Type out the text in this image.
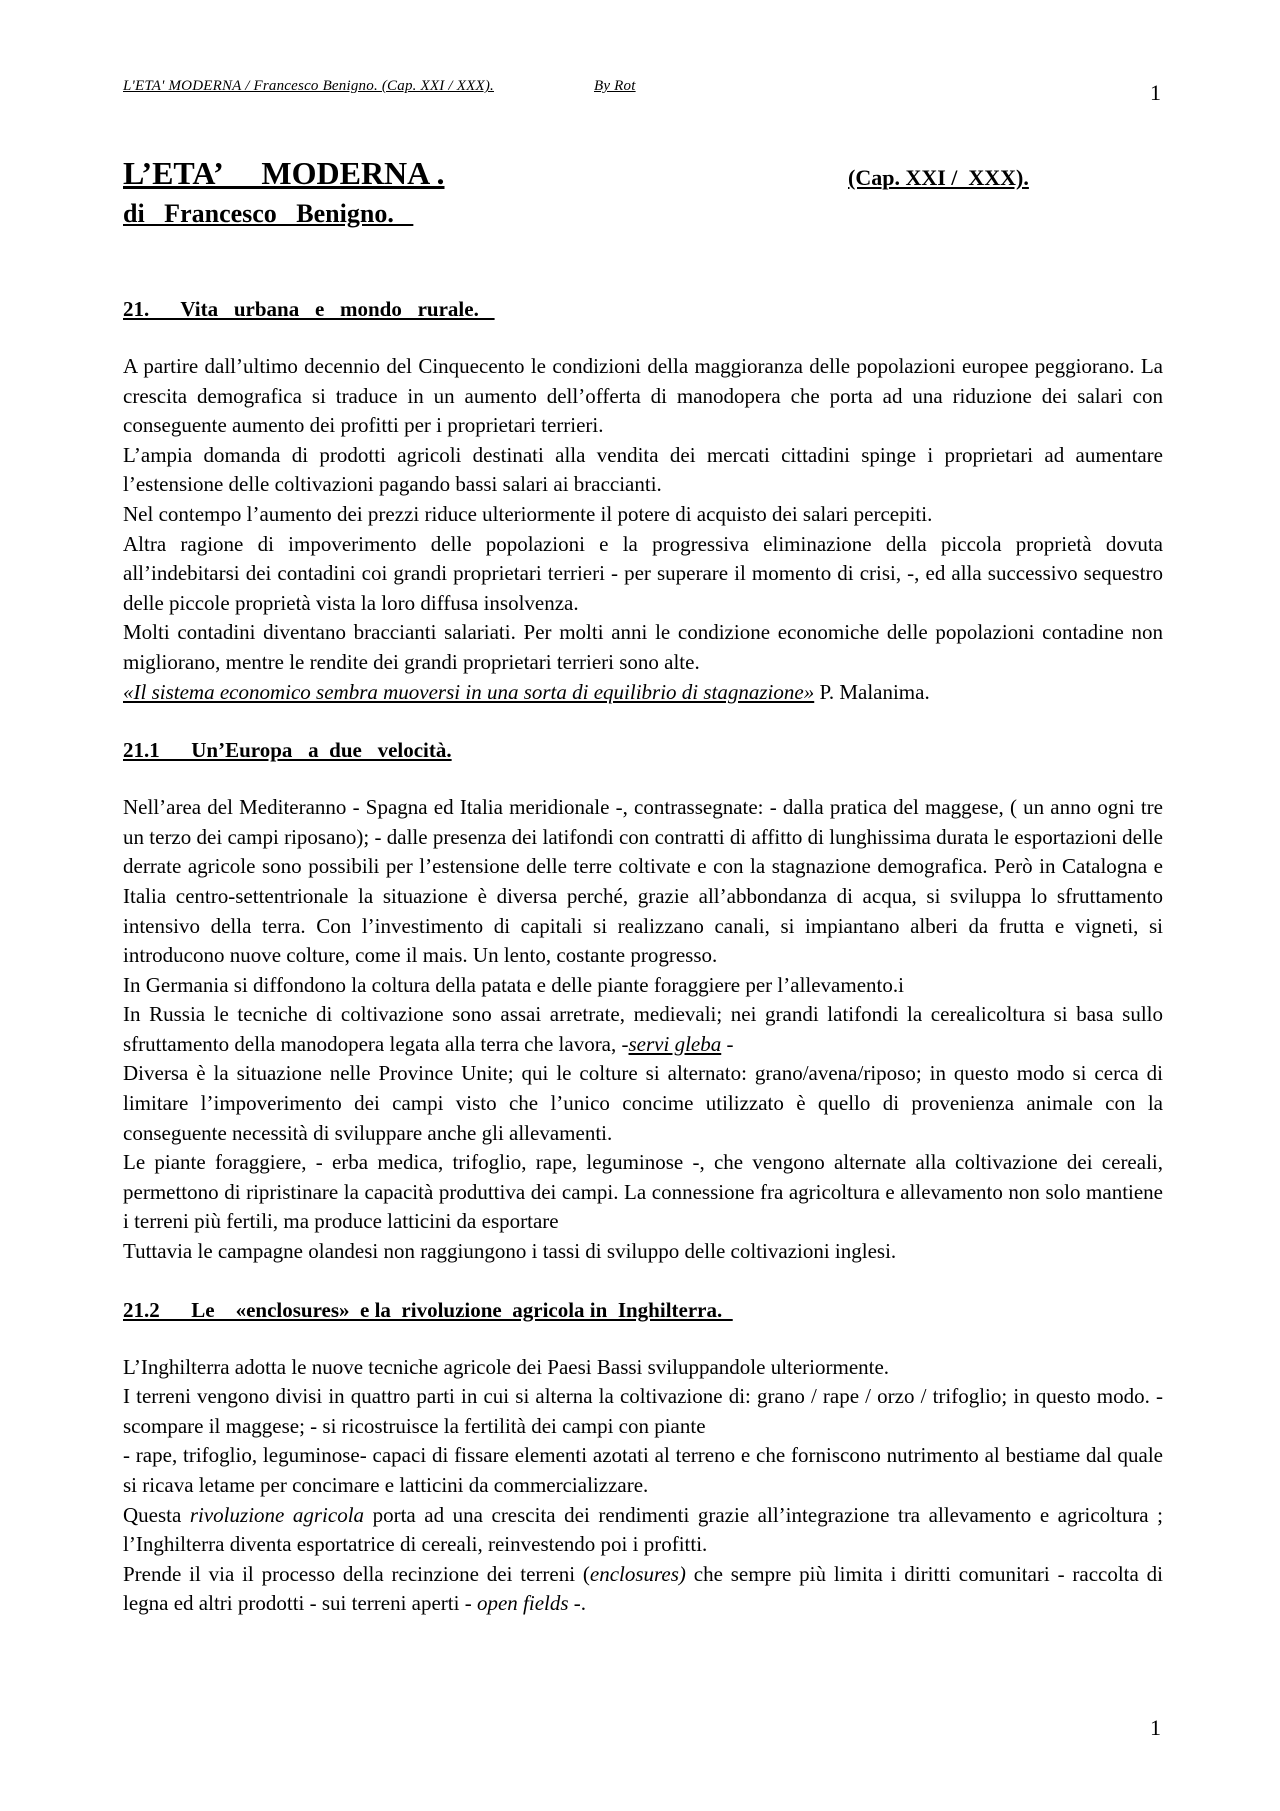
L'ETA' MODERNA / Francesco Benigno. (Cap. XXI / XXX).	By Rot	1
L’ETA’     MODERNA .	(Cap. XXI /  XXX).
di   Francesco   Benigno.
21.      Vita   urbana   e   mondo   rurale.

A partire dall’ultimo decennio del Cinquecento le condizioni della maggioranza delle popolazioni europee peggiorano. La crescita demografica si traduce in un aumento dell’offerta di manodopera che porta ad una riduzione dei salari con conseguente aumento dei profitti per i proprietari terrieri.

L’ampia domanda di prodotti agricoli destinati alla vendita dei mercati cittadini spinge i proprietari ad aumentare l’estensione delle coltivazioni pagando bassi salari ai braccianti.

Nel contempo l’aumento dei prezzi riduce ulteriormente il potere di acquisto dei salari percepiti.

Altra ragione di impoverimento delle popolazioni e la progressiva eliminazione della piccola proprietà dovuta all’indebitarsi dei contadini coi grandi proprietari terrieri - per superare il momento di crisi, -, ed alla successivo sequestro delle piccole proprietà vista la loro diffusa insolvenza.

Molti contadini diventano braccianti salariati. Per molti anni le condizione economiche delle popolazioni contadine non migliorano, mentre le rendite dei grandi proprietari terrieri sono alte.

«Il sistema economico sembra muoversi in una sorta di equilibrio di stagnazione» P. Malanima.

21.1      Un’Europa   a  due   velocità.

Nell’area del Mediteranno - Spagna ed Italia meridionale -, contrassegnate: - dalla pratica del maggese, ( un anno ogni tre un terzo dei campi riposano); - dalle presenza dei latifondi con contratti di affitto di lunghissima durata le esportazioni delle derrate agricole sono possibili per l’estensione delle terre coltivate e con la stagnazione demografica. Però in Catalogna e Italia centro-settentrionale la situazione è diversa perché, grazie all’abbondanza di acqua, si sviluppa lo sfruttamento intensivo della terra. Con l’investimento di capitali si realizzano canali, si impiantano alberi da frutta e vigneti, si introducono nuove colture, come il mais. Un lento, costante progresso.

In Germania si diffondono la coltura della patata e delle piante foraggiere per l’allevamento.i

In Russia le tecniche di coltivazione sono assai arretrate, medievali; nei grandi latifondi la cerealicoltura si basa sullo sfruttamento della manodopera legata alla terra che lavora, -servi gleba -

Diversa è la situazione nelle Province Unite; qui le colture si alternato: grano/avena/riposo; in questo modo si cerca di limitare l’impoverimento dei campi visto che l’unico concime utilizzato è quello di provenienza animale con la conseguente necessità di sviluppare anche gli allevamenti.

Le piante foraggiere, - erba medica, trifoglio, rape, leguminose -, che vengono alternate alla coltivazione dei cereali, permettono di ripristinare la capacità produttiva dei campi. La connessione fra agricoltura e allevamento non solo mantiene i terreni più fertili, ma produce latticini da esportare

Tuttavia le campagne olandesi non raggiungono i tassi di sviluppo delle coltivazioni inglesi.

21.2      Le    «enclosures»  e la  rivoluzione  agricola in  Inghilterra.

L’Inghilterra adotta le nuove tecniche agricole dei Paesi Bassi sviluppandole ulteriormente.

I terreni vengono divisi in quattro parti in cui si alterna la coltivazione di: grano / rape / orzo / trifoglio; in questo modo. - scompare il maggese; - si ricostruisce la fertilità dei campi con piante

- rape, trifoglio, leguminose- capaci di fissare elementi azotati al terreno e che forniscono nutrimento al bestiame dal quale si ricava letame per concimare e latticini da commercializzare.

Questa rivoluzione agricola porta ad una crescita dei rendimenti grazie all’integrazione tra allevamento e agricoltura ; l’Inghilterra diventa esportatrice di cereali, reinvestendo poi i profitti.

Prende il via il processo della recinzione dei terreni (enclosures) che sempre più limita i diritti comunitari - raccolta di legna ed altri prodotti - sui terreni aperti - open fields -.

1
